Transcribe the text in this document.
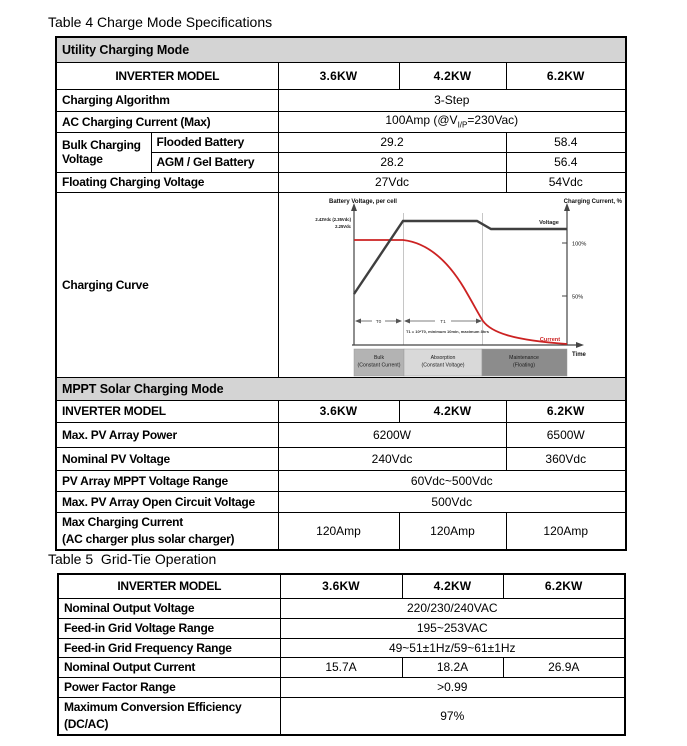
Table 4 Charge Mode Specifications

Utility Charging Mode				
INVERTER MODEL		3.6KW	4.2KW	6.2KW
Charging Algorithm		3-Step		
AC Charging Current (Max)		100Amp $(@V_{I/P}=230Vac)$		
Bulk Charging Voltage	Flooded Battery	29.2		58.4
	AGM / Gel Battery	28.2		56.4
Floating Charging Voltage		27Vdc		54Vdc
Charging Curve	
Bulk
(Constant Current)
Absorption
(Constant Voltage)
Maintenance
(Floating)
100%
50%
Battery Voltage, per cell	Charging Current, %
Time
2.43Vdc (2.35Vdc)
2.25Vdc
Voltage
Current
T0	T1
T1 = 10*T0, minimum 10min, maximum 8hrs

MPPT Solar Charging Mode				
INVERTER MODEL		3.6KW	4.2KW	6.2KW
Max. PV Array Power		6200W		6500W
Nominal PV Voltage		240Vdc		360Vdc
PV Array MPPT Voltage Range		60Vdc~500Vdc		
Max. PV Array Open Circuit Voltage		500Vdc		

Max Charging Current
(AC charger plus solar charger)		120Amp	120Amp	120Amp

Table 5  Grid-Tie Operation

INVERTER MODEL	3.6KW	4.2KW	6.2KW
Nominal Output Voltage	220/230/240VAC		
Feed-in Grid Voltage Range	195~253VAC		
Feed-in Grid Frequency Range	49~51±1Hz/59~61±1Hz		
Nominal Output Current	15.7A	18.2A	26.9A
Power Factor Range	>0.99		

Maximum Conversion Efficiency
(DC/AC)	97%		
